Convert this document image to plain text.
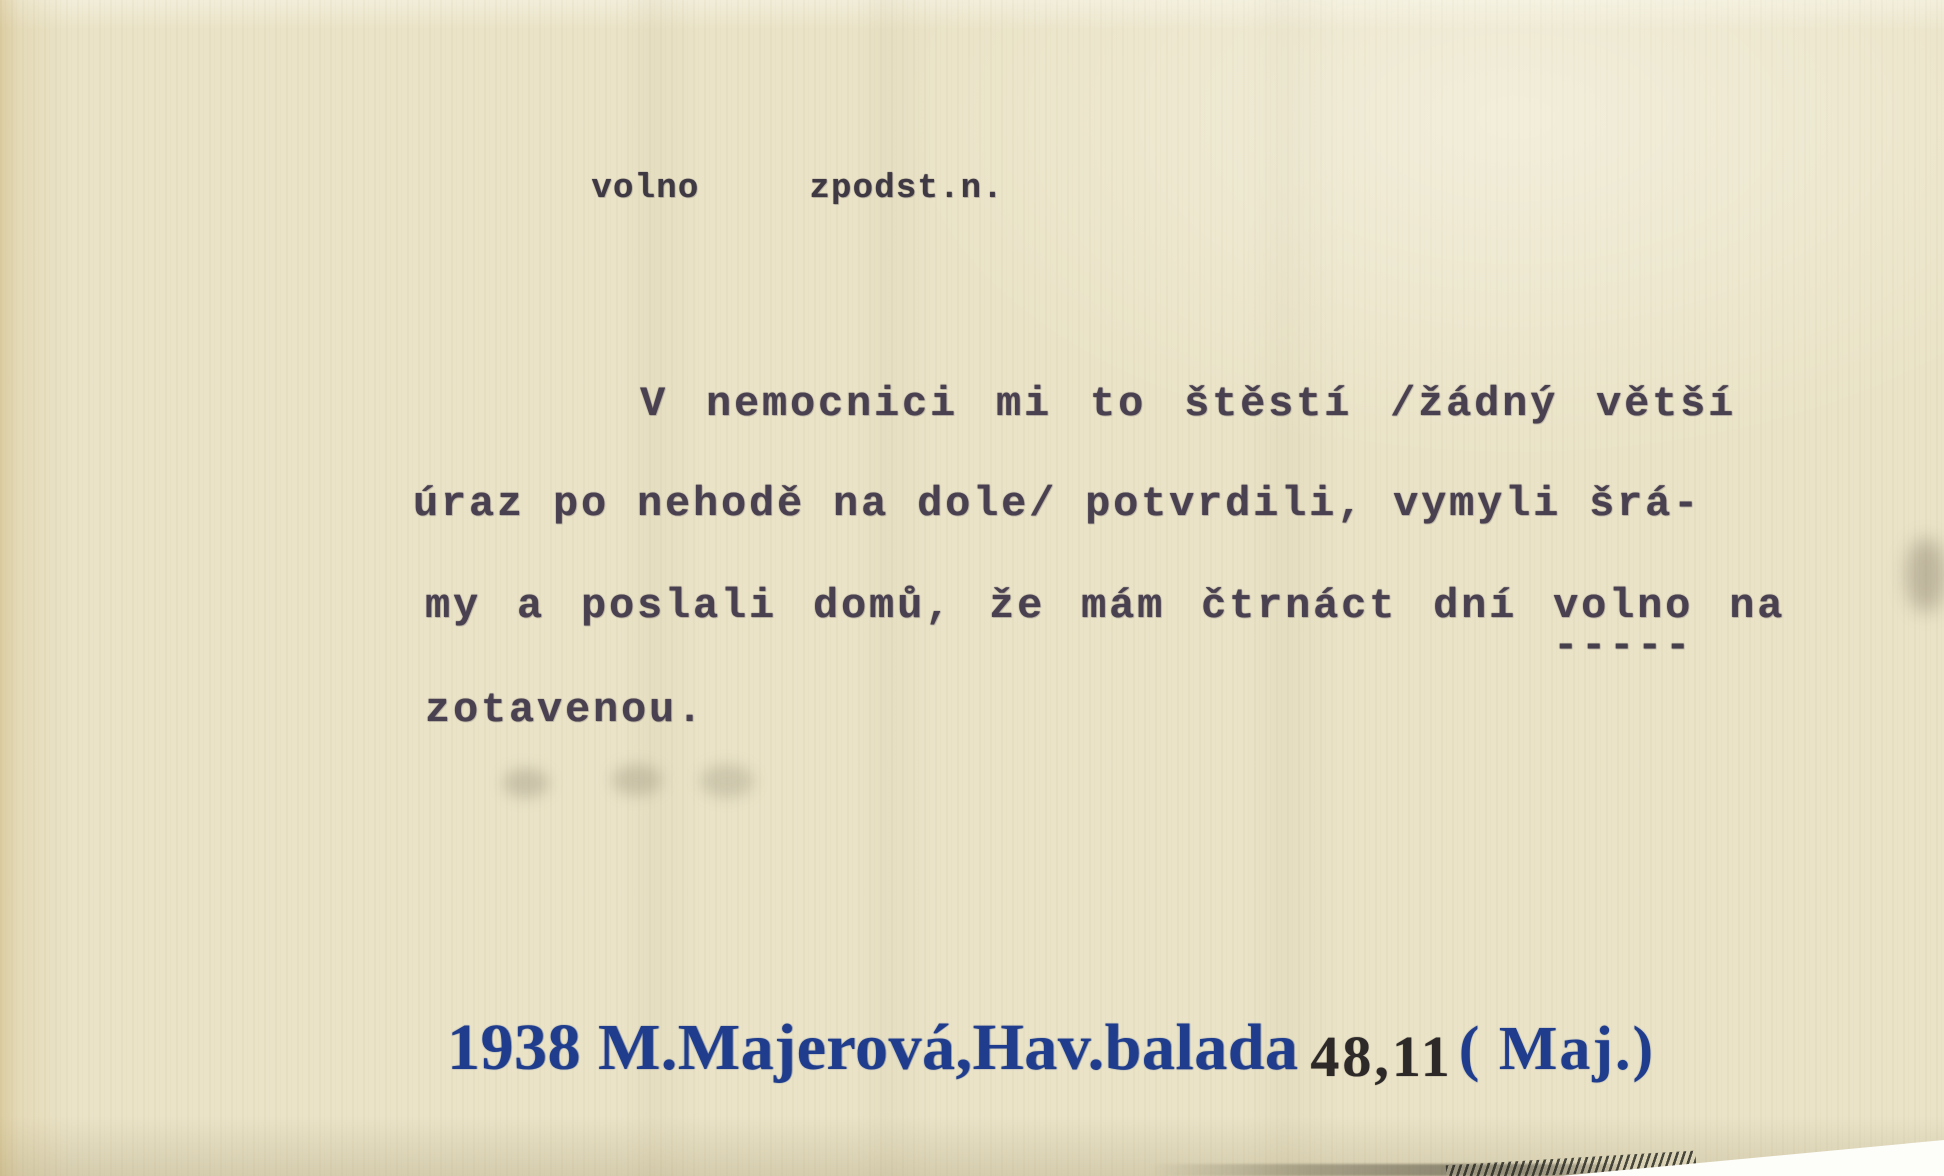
volno	zpodst.n.

V nemocnici mi to štěstí /žádný větší
úraz po nehodě na dole/ potvrdili, vymyli šrá-
my a poslali domů, že mám čtrnáct dní volno
-----
na
zotavenou.
1938 M.Majerová,Hav.balada 48,11 ( Maj.)
